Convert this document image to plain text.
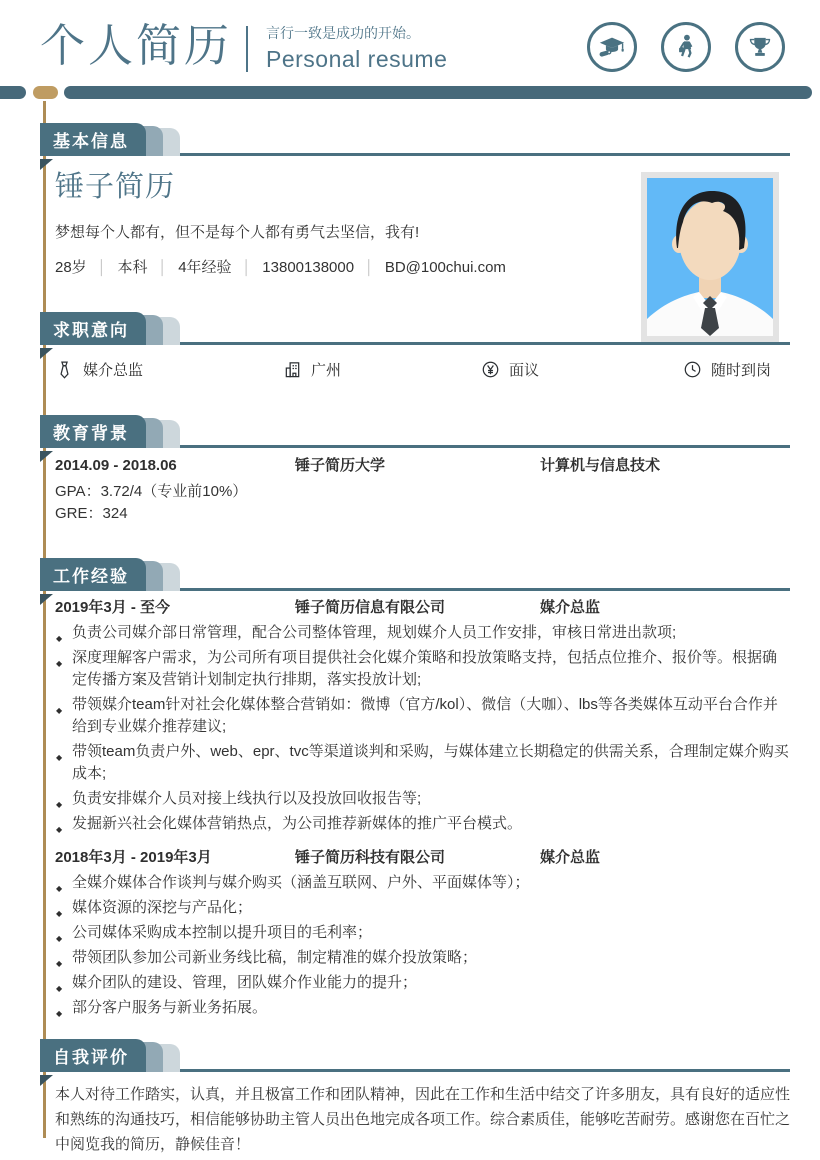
个人简历 言行一致是成功的开始。
Personal resume
基本信息
锤子简历
梦想每个人都有，但不是每个人都有勇气去坚信，我有!
28岁	│ 本科	│ 4年经验	│ 13800138000	│ BD@100chui.com
求职意向
媒介总监	广州	面议	随时到岗
教育背景
2014.09 - 2018.06	锤子简历大学	计算机与信息技术
GPA：3.72/4（专业前10%）
GRE：324
工作经验
2019年3月 - 至今	锤子简历信息有限公司	媒介总监
◆ 负责公司媒介部日常管理，配合公司整体管理，规划媒介人员工作安排，审核日常进出款项;
◆ 深度理解客户需求，为公司所有项目提供社会化媒介策略和投放策略支持，包括点位推介、报价等。根据确定传播方案及营销计划制定执行排期，落实投放计划;
◆ 带领媒介team针对社会化媒体整合营销如：微博（官方/kol）、微信（大咖）、lbs等各类媒体互动平台合作并给到专业媒介推荐建议;
◆ 带领team负责户外、web、epr、tvc等渠道谈判和采购，与媒体建立长期稳定的供需关系，合理制定媒介购买成本;
◆ 负责安排媒介人员对接上线执行以及投放回收报告等;
◆ 发掘新兴社会化媒体营销热点，为公司推荐新媒体的推广平台模式。
2018年3月 - 2019年3月	锤子简历科技有限公司	媒介总监
◆ 全媒介媒体合作谈判与媒介购买（涵盖互联网、户外、平面媒体等）；
◆ 媒体资源的深挖与产品化；
◆ 公司媒体采购成本控制以提升项目的毛利率；
◆ 带领团队参加公司新业务线比稿，制定精准的媒介投放策略；
◆ 媒介团队的建设、管理，团队媒介作业能力的提升；
◆ 部分客户服务与新业务拓展。
自我评价
本人对待工作踏实，认真，并且极富工作和团队精神，因此在工作和生活中结交了许多朋友，具有良好的适应性和熟练的沟通技巧，相信能够协助主管人员出色地完成各项工作。综合素质佳，能够吃苦耐劳。感谢您在百忙之中阅览我的简历，静候佳音！
